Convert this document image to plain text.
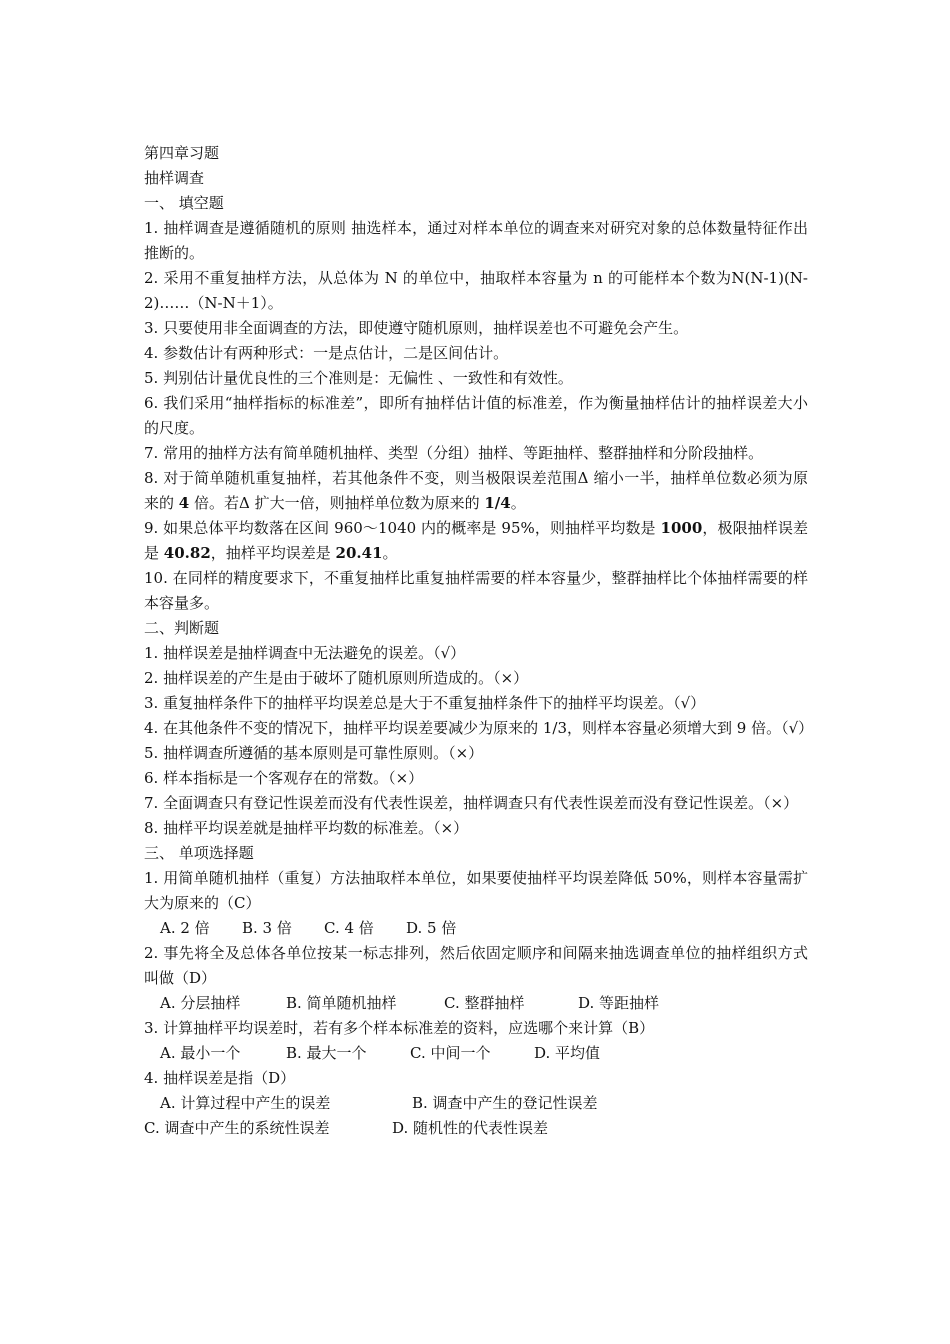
第四章习题

抽样调查

一、 填空题

1. 抽样调查是遵循随机的原则 抽选样本，通过对样本单位的调查来对研究对象的总体数量特征作出推断的。

2. 采用不重复抽样方法，从总体为 N 的单位中，抽取样本容量为 n 的可能样本个数为N(N-1)(N-2)……（N-N＋1）。

3. 只要使用非全面调查的方法，即使遵守随机原则，抽样误差也不可避免会产生。

4. 参数估计有两种形式：一是点估计，二是区间估计。

5. 判别估计量优良性的三个准则是：无偏性 、一致性和有效性。

6. 我们采用“抽样指标的标准差”，即所有抽样估计值的标准差，作为衡量抽样估计的抽样误差大小的尺度。

7. 常用的抽样方法有简单随机抽样、类型（分组）抽样、等距抽样、整群抽样和分阶段抽样。

8. 对于简单随机重复抽样，若其他条件不变，则当极限误差范围Δ 缩小一半，抽样单位数必须为原来的 4 倍。若Δ 扩大一倍，则抽样单位数为原来的 1/4。

9. 如果总体平均数落在区间 960～1040 内的概率是 95%，则抽样平均数是 1000，极限抽样误差是 40.82，抽样平均误差是 20.41。

10. 在同样的精度要求下，不重复抽样比重复抽样需要的样本容量少，整群抽样比个体抽样需要的样本容量多。

二、判断题

1. 抽样误差是抽样调查中无法避免的误差。（√）

2. 抽样误差的产生是由于破坏了随机原则所造成的。（×）

3. 重复抽样条件下的抽样平均误差总是大于不重复抽样条件下的抽样平均误差。（√）

4. 在其他条件不变的情况下，抽样平均误差要减少为原来的 1/3，则样本容量必须增大到 9 倍。（√）

5. 抽样调查所遵循的基本原则是可靠性原则。（×）

6. 样本指标是一个客观存在的常数。（×）

7. 全面调查只有登记性误差而没有代表性误差，抽样调查只有代表性误差而没有登记性误差。（×）

8. 抽样平均误差就是抽样平均数的标准差。（×）

三、 单项选择题

1. 用简单随机抽样（重复）方法抽取样本单位，如果要使抽样平均误差降低 50%，则样本容量需扩大为原来的（C）

A. 2 倍 B. 3 倍 C. 4 倍 D. 5 倍

2. 事先将全及总体各单位按某一标志排列，然后依固定顺序和间隔来抽选调查单位的抽样组织方式叫做（D）

A. 分层抽样	B. 简单随机抽样	C. 整群抽样	D. 等距抽样

3. 计算抽样平均误差时，若有多个样本标准差的资料，应选哪个来计算（B）

A. 最小一个	B. 最大一个	C. 中间一个	D. 平均值

4. 抽样误差是指（D）

A. 计算过程中产生的误差	B. 调查中产生的登记性误差

C. 调查中产生的系统性误差	D. 随机性的代表性误差
